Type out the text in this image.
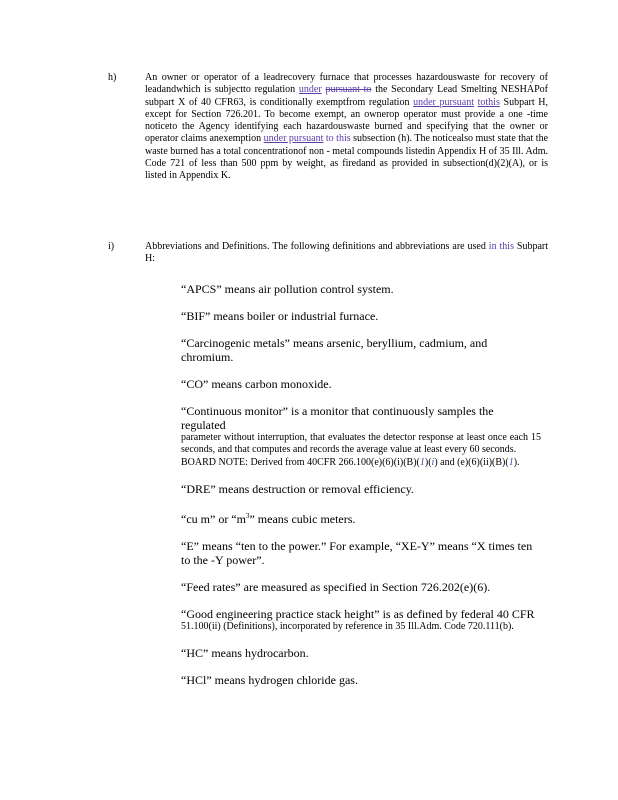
h)	An owner or operator of a leadrecovery furnace that processes hazardouswaste for recovery of leadandwhich is subjectto regulation under pursuant to the Secondary Lead Smelting NESHAPof subpart X of 40 CFR63, is conditionally exemptfrom regulation under pursuant tothis Subpart H, except for Section 726.201. To become exempt, an ownerор operator must provide a one -time noticeto the Agency identifying each hazardouswaste burned and specifying that the owner or operator claims anexemption under pursuant to this subsection (h). The noticealso must state that the waste burned has a total concentrationof non - metal compounds listedin Appendix H of 35 Ill. Adm. Code 721 of less than 500 ppm by weight, as firedand as provided in subsection(d)(2)(A), or is listed in Appendix K.
i)	Abbreviations and Definitions. The following definitions and abbreviations are used in this Subpart H:

“APCS” means air pollution control system.

“BIF” means boiler or industrial furnace.

“Carcinogenic metals” means arsenic, beryllium, cadmium, and chromium.

“CO” means carbon monoxide.

“Continuous monitor” is a monitor that continuously samples the regulated
parameter without interruption, that evaluates the detector response at least once each 15 seconds, and that computes and records the average value at least every 60 seconds.
BOARD NOTE: Derived from 40CFR 266.100(e)(6)(i)(B)(1)(i) and (e)(6)(ii)(B)(1).

“DRE” means destruction or removal efficiency.

“cu m” or “$m^3$” means cubic meters.

“E” means “ten to the power.” For example, “XE-Y” means “X times ten to the -Y power”.

“Feed rates” are measured as specified in Section 726.202(e)(6).

“Good engineering practice stack height” is as defined by federal 40 CFR
51.100(ii) (Definitions), incorporated by reference in 35 Ill.Adm. Code 720.111(b).

“HC” means hydrocarbon.

“HCl” means hydrogen chloride gas.
